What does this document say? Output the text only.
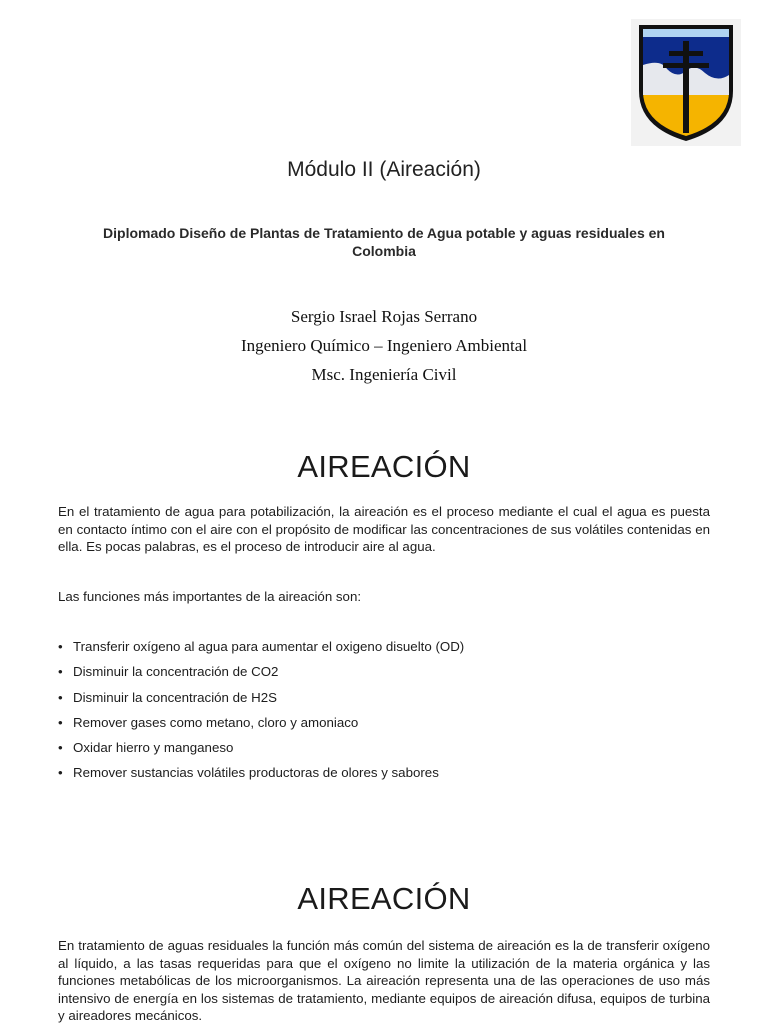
Módulo II (Aireación)
Diplomado Diseño de Plantas de Tratamiento de Agua potable y aguas residuales en Colombia
Sergio Israel Rojas Serrano
Ingeniero Químico – Ingeniero Ambiental
Msc. Ingeniería Civil
AIREACIÓN
En el tratamiento de agua para potabilización, la aireación es el proceso mediante el cual el agua es puesta en contacto íntimo con el aire con el propósito de modificar las concentraciones de sus volátiles contenidas en ella. Es pocas palabras, es el proceso de introducir aire al agua.
Las funciones más importantes de la aireación son:
• Transferir oxígeno al agua para aumentar el oxigeno disuelto (OD)
• Disminuir la concentración de CO2
• Disminuir la concentración de H2S
• Remover gases como metano, cloro y amoniaco
• Oxidar hierro y manganeso
• Remover sustancias volátiles productoras de olores y sabores
AIREACIÓN
En tratamiento de aguas residuales la función más común del sistema de aireación es la de transferir oxígeno al líquido, a las tasas requeridas para que el oxígeno no limite la utilización de la materia orgánica y las funciones metabólicas de los microorganismos. La aireación representa una de las operaciones de uso más intensivo de energía en los sistemas de tratamiento, mediante equipos de aireación difusa, equipos de turbina y aireadores mecánicos.
